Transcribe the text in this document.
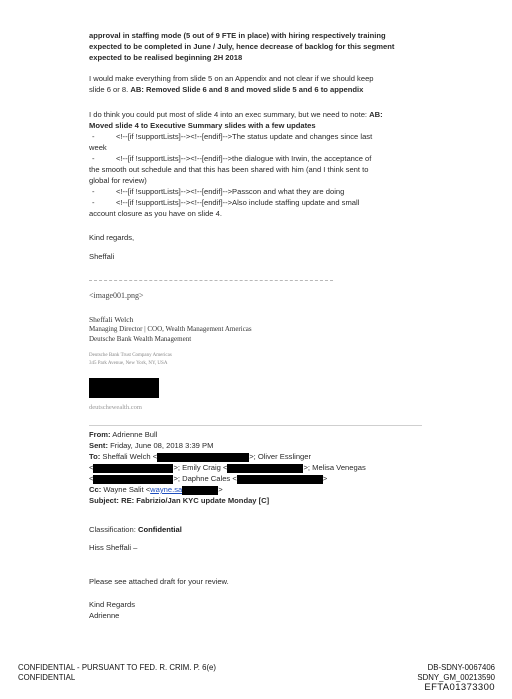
approval in staffing mode (5 out of 9 FTE in place) with hiring respectively training
expected to be completed in June / July, hence decrease of backlog for this segment
expected to be realised beginning 2H 2018
I would make everything from slide 5 on an Appendix and not clear if we should keep
slide 6 or 8. AB: Removed Slide 6 and 8 and moved slide 5 and 6 to appendix
I do think you could put most of slide 4 into an exec summary, but we need to note: AB:
Moved slide 4 to Executive Summary slides with a few updates
-	<!--[if !supportLists]--><!--[endif]-->The status update and changes since last
week
-	<!--[if !supportLists]--><!--[endif]-->the dialogue with Irwin, the acceptance of
the smooth out schedule and that this has been shared with him (and I think sent to
global for review)
-	<!--[if !supportLists]--><!--[endif]-->Passcon and what they are doing
-	<!--[if !supportLists]--><!--[endif]-->Also include staffing update and small
account closure as you have on slide 4.
Kind regards,
Sheffali
<image001.png>
Sheffali Welch
Managing Director | COO, Wealth Management Americas
Deutsche Bank Wealth Management
Deutsche Bank Trust Company Americas
345 Park Avenue, New York, NY, USA
deutschewealth.com
From: Adrienne Bull
Sent: Friday, June 08, 2018 3:39 PM
To: Sheffali Welch <	>; Oliver Esslinger
<	>; Emily Craig <	>; Melisa Venegas
<	>; Daphne Cales <	>
Cc: Wayne Salit <wayne.sa	>
Subject: RE: Fabrizio/Jan KYC update Monday [C]
Classification: Confidential
Hiss Sheffali –
Please see attached draft for your review.
Kind Regards
Adrienne
CONFIDENTIAL - PURSUANT TO FED. R. CRIM. P. 6(e)
CONFIDENTIAL
DB-SDNY-0067406
SDNY_GM_00213590
EFTA01373300
